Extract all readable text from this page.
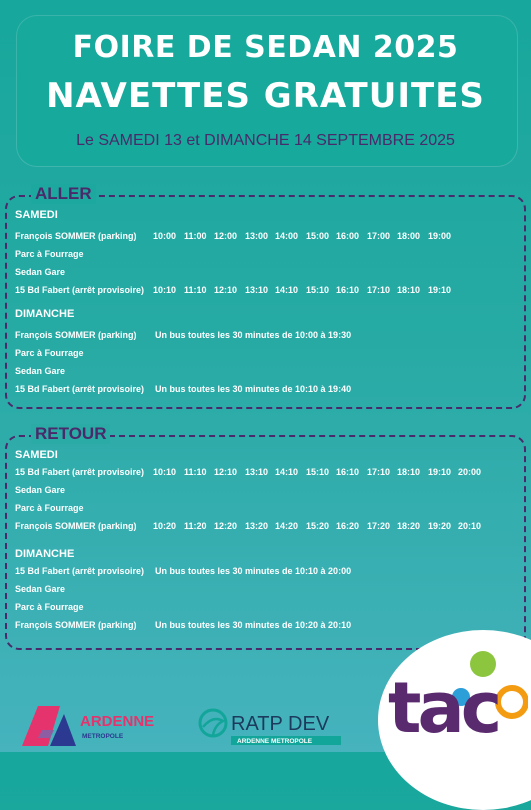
FOIRE DE SEDAN 2025
NAVETTES GRATUITES
Le SAMEDI 13 et DIMANCHE 14 SEPTEMBRE 2025
ALLER
SAMEDI
François SOMMER (parking) 10:00 11:00 12:00 13:00 14:00 15:00 16:00 17:00 18:00 19:00
Parc à Fourrage
Sedan Gare
15 Bd Fabert (arrêt provisoire) 10:10 11:10 12:10 13:10 14:10 15:10 16:10 17:10 18:10 19:10
DIMANCHE
François SOMMER (parking) Un bus toutes les 30 minutes de 10:00 à 19:30
Parc à Fourrage
Sedan Gare
15 Bd Fabert (arrêt provisoire) Un bus toutes les 30 minutes de 10:10 à 19:40
RETOUR
SAMEDI
15 Bd Fabert (arrêt provisoire) 10:10 11:10 12:10 13:10 14:10 15:10 16:10 17:10 18:10 19:10 20:00
Sedan Gare
Parc à Fourrage
François SOMMER (parking) 10:20 11:20 12:20 13:20 14:20 15:20 16:20 17:20 18:20 19:20 20:10
DIMANCHE
15 Bd Fabert (arrêt provisoire) Un bus toutes les 30 minutes de 10:10 à 20:00
Sedan Gare
Parc à Fourrage
François SOMMER (parking) Un bus toutes les 30 minutes de 10:20 à 20:10
ARDENNE
METROPOLE
RATP DEV
ARDENNE METROPOLE tac
